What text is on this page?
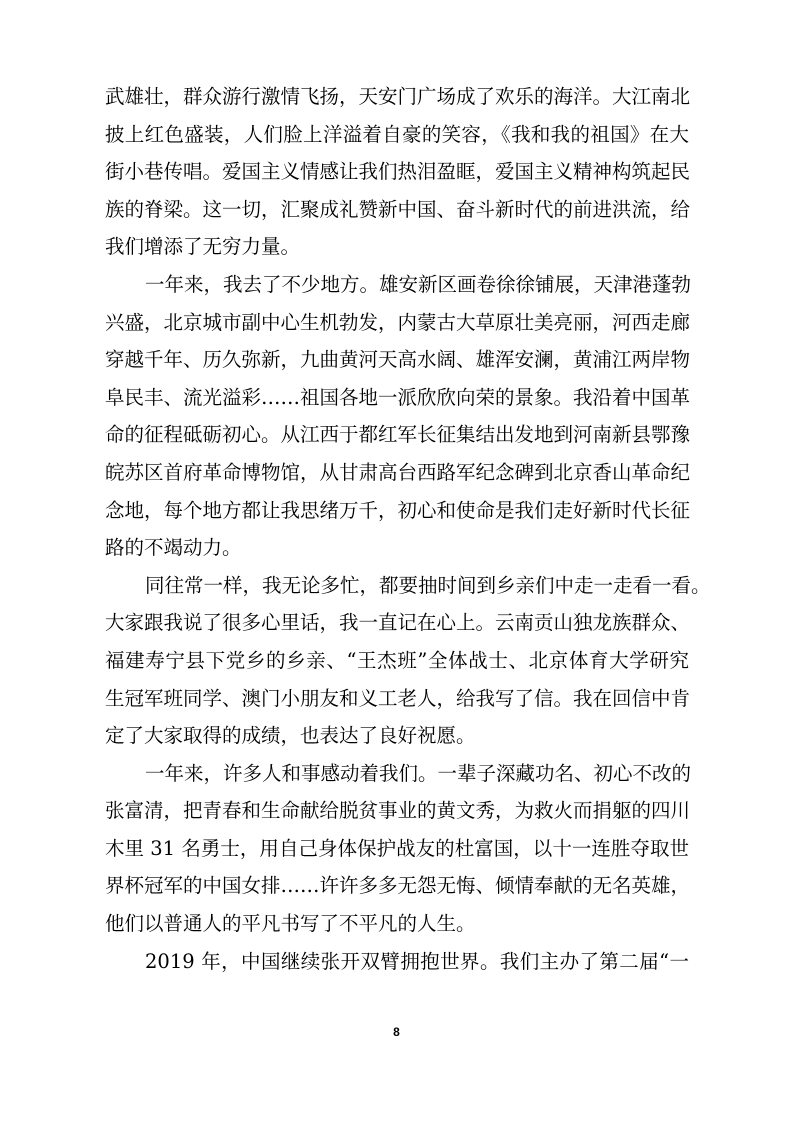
武雄壮，群众游行激情飞扬，天安门广场成了欢乐的海洋。大江南北
披上红色盛装，人们脸上洋溢着自豪的笑容，《我和我的祖国》在大
街小巷传唱。爱国主义情感让我们热泪盈眶，爱国主义精神构筑起民
族的脊梁。这一切，汇聚成礼赞新中国、奋斗新时代的前进洪流，给
我们增添了无穷力量。
一年来，我去了不少地方。雄安新区画卷徐徐铺展，天津港蓬勃
兴盛，北京城市副中心生机勃发，内蒙古大草原壮美亮丽，河西走廊
穿越千年、历久弥新，九曲黄河天高水阔、雄浑安澜，黄浦江两岸物
阜民丰、流光溢彩……祖国各地一派欣欣向荣的景象。我沿着中国革
命的征程砥砺初心。从江西于都红军长征集结出发地到河南新县鄂豫
皖苏区首府革命博物馆，从甘肃高台西路军纪念碑到北京香山革命纪
念地，每个地方都让我思绪万千，初心和使命是我们走好新时代长征
路的不竭动力。
同往常一样，我无论多忙，都要抽时间到乡亲们中走一走看一看。
大家跟我说了很多心里话，我一直记在心上。云南贡山独龙族群众、
福建寿宁县下党乡的乡亲、“王杰班”全体战士、北京体育大学研究
生冠军班同学、澳门小朋友和义工老人，给我写了信。我在回信中肯
定了大家取得的成绩，也表达了良好祝愿。
一年来，许多人和事感动着我们。一辈子深藏功名、初心不改的
张富清，把青春和生命献给脱贫事业的黄文秀，为救火而捐躯的四川
木里 31 名勇士，用自己身体保护战友的杜富国，以十一连胜夺取世
界杯冠军的中国女排……许许多多无怨无悔、倾情奉献的无名英雄，
他们以普通人的平凡书写了不平凡的人生。
2019 年，中国继续张开双臂拥抱世界。我们主办了第二届“一
8
